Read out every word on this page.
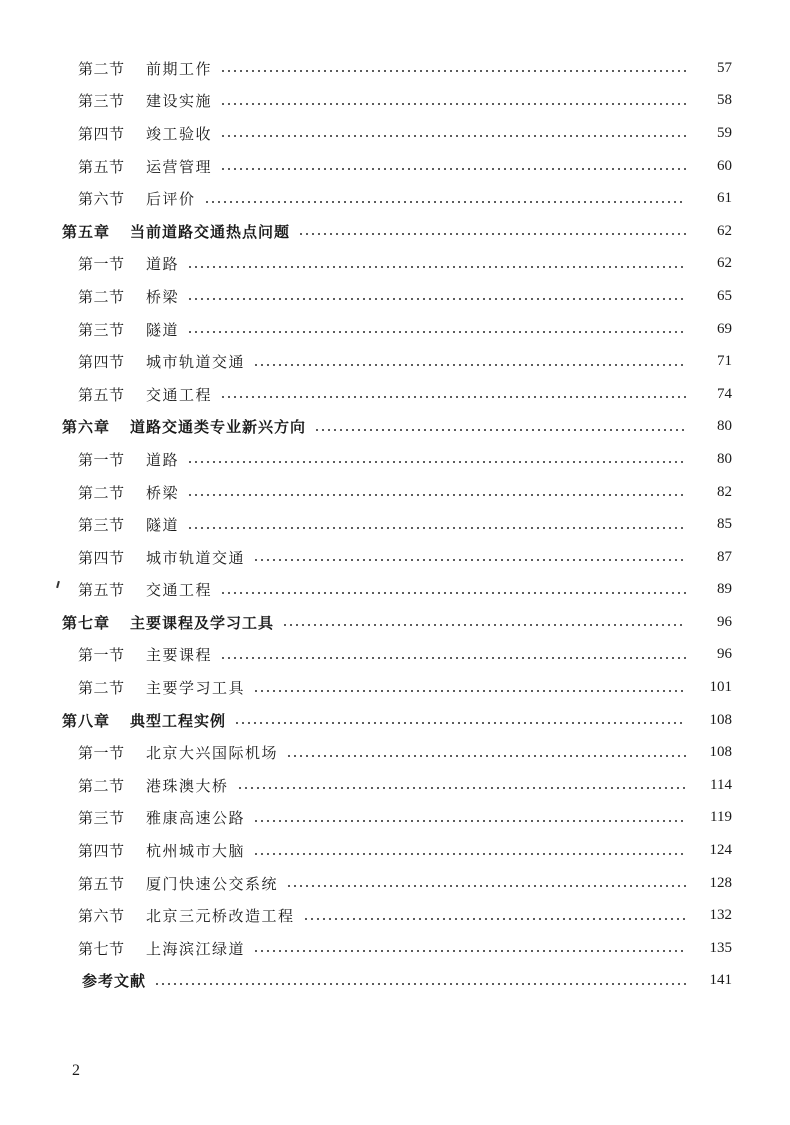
第二节	前期工作	57
第三节	建设实施	58
第四节	竣工验收	59
第五节	运营管理	60
第六节	后评价	61
第五章	当前道路交通热点问题	62
第一节	道路	62
第二节	桥梁	65
第三节	隧道	69
第四节	城市轨道交通	71
第五节	交通工程	74
第六章	道路交通类专业新兴方向	80
第一节	道路	80
第二节	桥梁	82
第三节	隧道	85
第四节	城市轨道交通	87
第五节	交通工程	89
第七章	主要课程及学习工具	96
第一节	主要课程	96
第二节	主要学习工具	101
第八章	典型工程实例	108
第一节	北京大兴国际机场	108
第二节	港珠澳大桥	114
第三节	雅康高速公路	119
第四节	杭州城市大脑	124
第五节	厦门快速公交系统	128
第六节	北京三元桥改造工程	132
第七节	上海滨江绿道	135
参考文献	141
2
